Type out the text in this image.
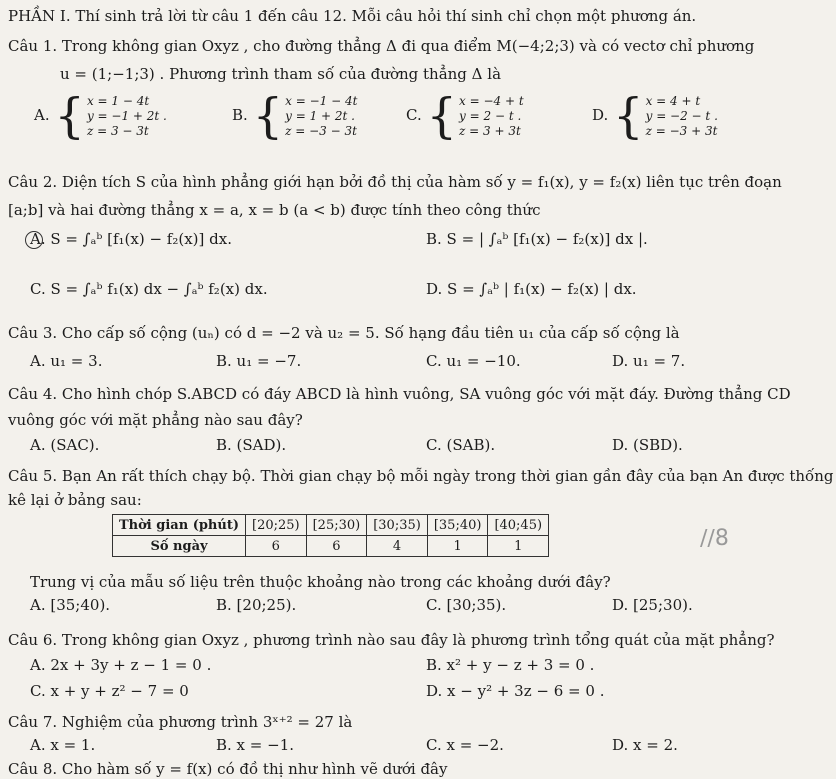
PHẦN I. Thí sinh trả lời từ câu 1 đến câu 12. Mỗi câu hỏi thí sinh chỉ chọn một phương án.
Câu 1. Trong không gian Oxyz , cho đường thẳng Δ đi qua điểm M(−4;2;3) và có vectơ chỉ phương
u = (1;−1;3) . Phương trình tham số của đường thẳng Δ là
A. { x = 1 − 4t
y = −1 + 2t .
z = 3 − 3t
B. { x = −1 − 4t
y = 1 + 2t .
z = −3 − 3t
C. { x = −4 + t
y = 2 − t .
z = 3 + 3t
D. { x = 4 + t
y = −2 − t .
z = −3 + 3t
Câu 2. Diện tích S của hình phẳng giới hạn bởi đồ thị của hàm số y = f₁(x), y = f₂(x) liên tục trên đoạn
[a;b] và hai đường thẳng x = a, x = b (a < b) được tính theo công thức
A. S = ∫ₐᵇ [f₁(x) − f₂(x)] dx.	B. S = | ∫ₐᵇ [f₁(x) − f₂(x)] dx |.
C. S = ∫ₐᵇ f₁(x) dx − ∫ₐᵇ f₂(x) dx.	D. S = ∫ₐᵇ | f₁(x) − f₂(x) | dx.
Câu 3. Cho cấp số cộng (uₙ) có d = −2 và u₂ = 5. Số hạng đầu tiên u₁ của cấp số cộng là
A. u₁ = 3.	B. u₁ = −7.	C. u₁ = −10.	D. u₁ = 7.
Câu 4. Cho hình chóp S.ABCD có đáy ABCD là hình vuông, SA vuông góc với mặt đáy. Đường thẳng CD
vuông góc với mặt phẳng nào sau đây?
A. (SAC).	B. (SAD).	C. (SAB).	D. (SBD).
Câu 5. Bạn An rất thích chạy bộ. Thời gian chạy bộ mỗi ngày trong thời gian gần đây của bạn An được thống
kê lại ở bảng sau:
Thời gian (phút)	[20;25)	[25;30)	[30;35)	[35;40)	[40;45)
Số ngày	6	6	4	1	1	∕∕8
Trung vị của mẫu số liệu trên thuộc khoảng nào trong các khoảng dưới đây?
A. [35;40).	B. [20;25).	C. [30;35).	D. [25;30).
Câu 6. Trong không gian Oxyz , phương trình nào sau đây là phương trình tổng quát của mặt phẳng?
A. 2x + 3y + z − 1 = 0 .	B. x² + y − z + 3 = 0 .
C. x + y + z² − 7 = 0	D. x − y² + 3z − 6 = 0 .
Câu 7. Nghiệm của phương trình 3ˣ⁺² = 27 là
A. x = 1.	B. x = −1.	C. x = −2.	D. x = 2.
Câu 8. Cho hàm số y = f(x) có đồ thị như hình vẽ dưới đây
